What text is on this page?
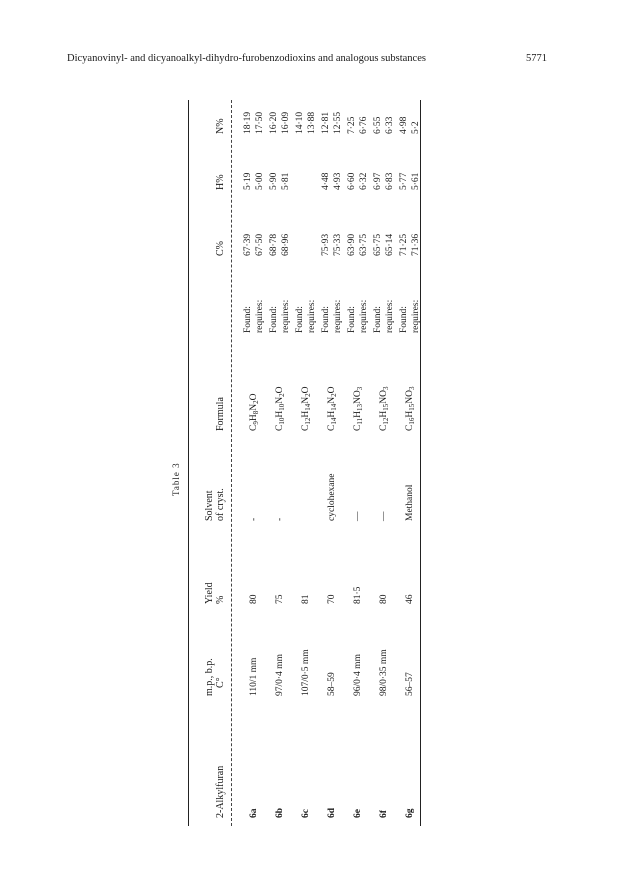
Dicyanovinyl- and dicyanoalkyl-dihydro-furobenzodioxins and analogous substances	5771
Table 3
2-Alkylfuran
m.p., b.p. C°
Yield %
Solvent of cryst.
Formula
C%
H%
N%
6a
110/1 mm
80
-
$C_9H_8N_2O$
Found:
67·39
5·19
18·19
requires:
67·50
5·00
17·50
6b
97/0·4 mm
75
-
$C_{10}H_{10}N_2O$
Found:
68·78
5·90
16·20
requires:
68·96
5·81
16·09
6c
107/0·5 mm
81
$C_{12}H_{14}N_2O$
Found:
14·10
requires:
13·88
6d
58–59
70
cyclohexane
$C_{14}H_{14}N_2O$
Found:
75·93
4·48
12·81
requires:
75·33
4·93
12·55
6e
96/0·4 mm
81·5
—
$C_{11}H_{13}NO_3$
Found:
63·90
6·60
7·25
requires:
63·75
6·32
6·76
6f
98/0·35 mm
80
—
$C_{12}H_{15}NO_3$
Found:
65·75
6·97
6·55
requires:
65·14
6·83
6·33
6g
56–57
46
Methanol
$C_{16}H_{15}NO_3$
Found:
71·25
5·77
4·98
requires:
71·36
5·61
5·2
